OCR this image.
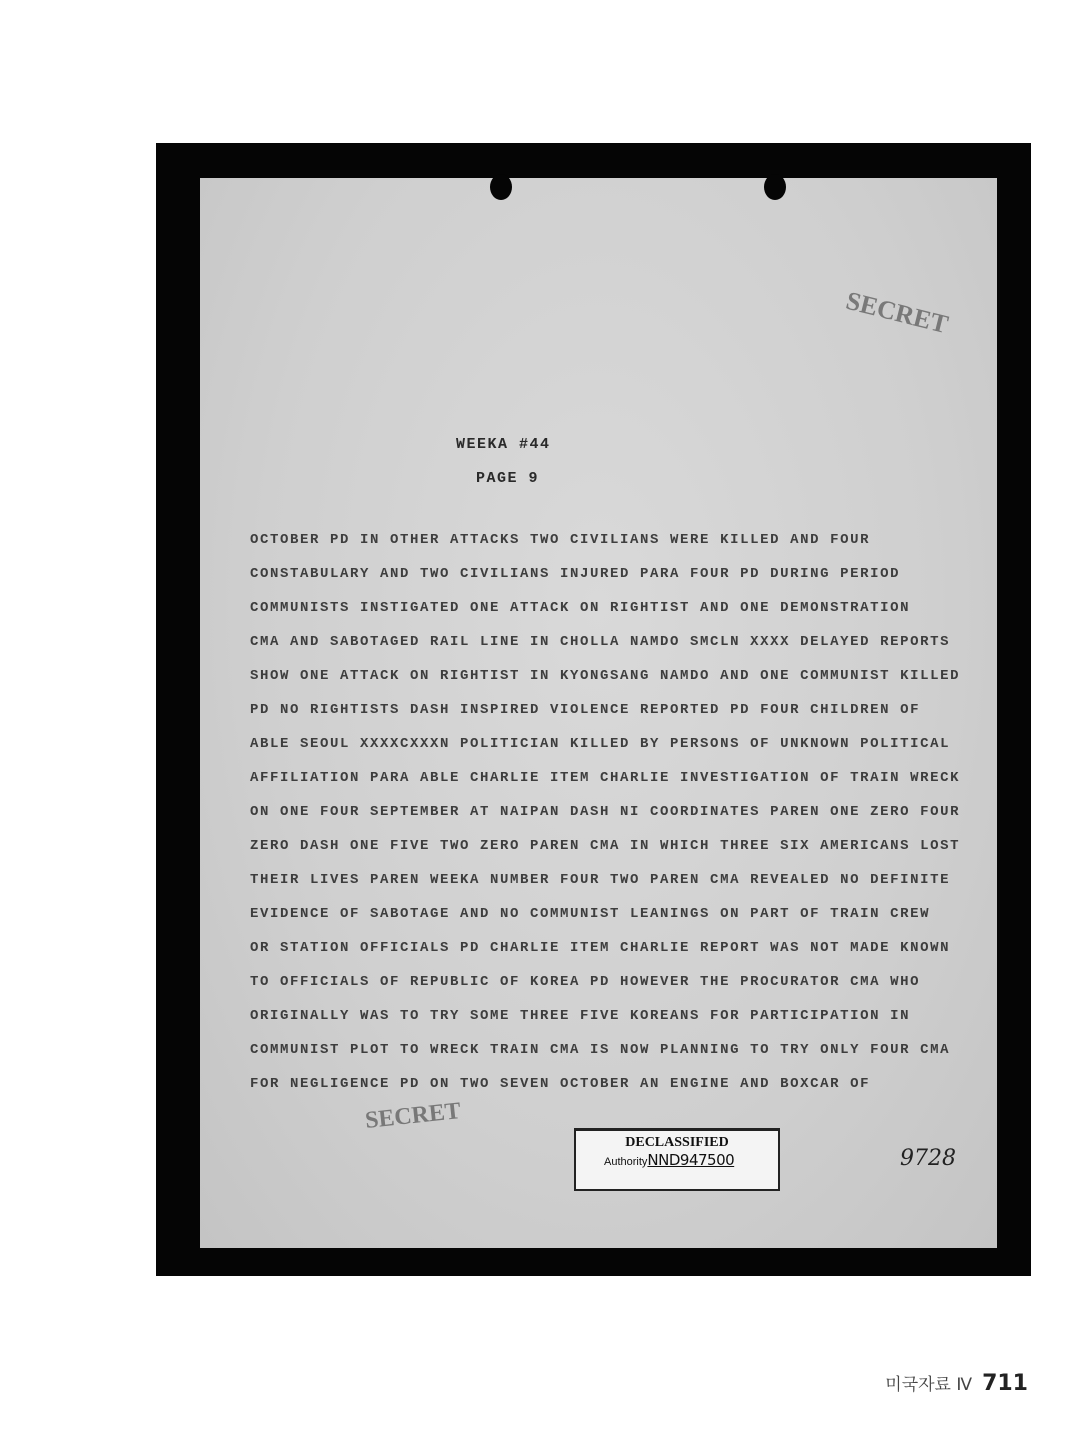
SECRET
WEEKA #44
PAGE 9
OCTOBER PD IN OTHER ATTACKS TWO CIVILIANS WERE KILLED AND FOUR
CONSTABULARY AND TWO CIVILIANS INJURED PARA FOUR PD DURING PERIOD
COMMUNISTS INSTIGATED ONE ATTACK ON RIGHTIST AND ONE DEMONSTRATION
CMA AND SABOTAGED RAIL LINE IN CHOLLA NAMDO SMCLN XXXX DELAYED REPORTS
SHOW ONE ATTACK ON RIGHTIST IN KYONGSANG NAMDO AND ONE COMMUNIST KILLED
PD NO RIGHTISTS DASH INSPIRED VIOLENCE REPORTED PD FOUR CHILDREN OF
ABLE SEOUL XXXXCXXXN POLITICIAN KILLED BY PERSONS OF UNKNOWN POLITICAL
AFFILIATION PARA ABLE CHARLIE ITEM CHARLIE INVESTIGATION OF TRAIN WRECK
ON ONE FOUR SEPTEMBER AT NAIPAN DASH NI COORDINATES PAREN ONE ZERO FOUR
ZERO DASH ONE FIVE TWO ZERO PAREN CMA IN WHICH THREE SIX AMERICANS LOST
THEIR LIVES PAREN WEEKA NUMBER FOUR TWO PAREN CMA REVEALED NO DEFINITE
EVIDENCE OF SABOTAGE AND NO COMMUNIST LEANINGS ON PART OF TRAIN CREW
OR STATION OFFICIALS PD CHARLIE ITEM CHARLIE REPORT WAS NOT MADE KNOWN
TO OFFICIALS OF REPUBLIC OF KOREA PD HOWEVER THE PROCURATOR CMA WHO
ORIGINALLY WAS TO TRY SOME THREE FIVE KOREANS FOR PARTICIPATION IN
COMMUNIST PLOT TO WRECK TRAIN CMA IS NOW PLANNING TO TRY ONLY FOUR CMA
FOR NEGLIGENCE PD ON TWO SEVEN OCTOBER AN ENGINE AND BOXCAR OF
SECRET
DECLASSIFIED
AuthorityNND947500	9728
미국자료 Ⅳ 711
